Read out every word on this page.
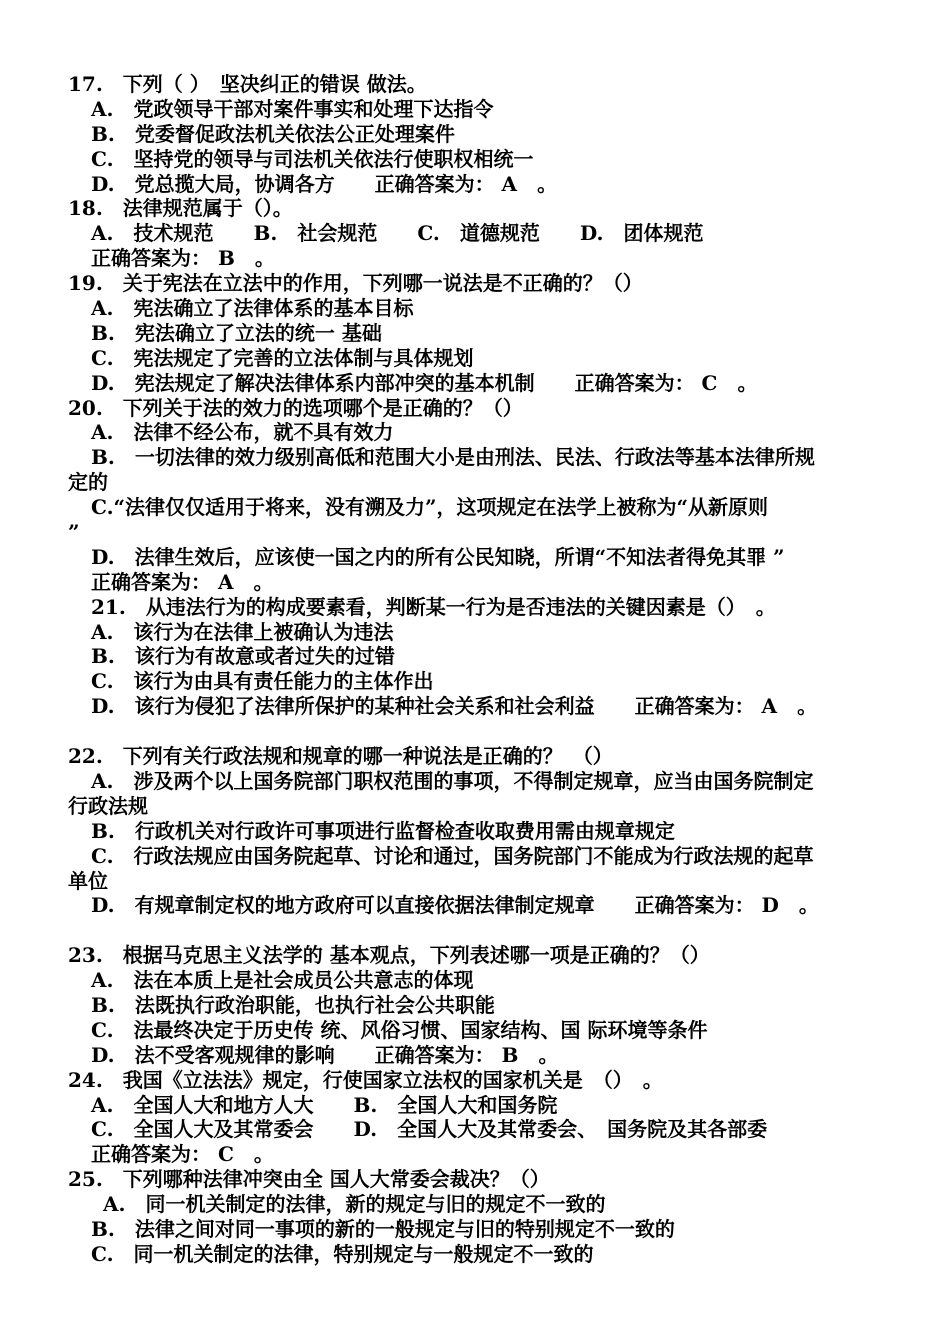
17.　下列（ ）　坚决纠正的错误 做法。
A.　党政领导干部对案件事实和处理下达指令
B.　党委督促政法机关依法公正处理案件
C.　坚持党的领导与司法机关依法行使职权相统一
D.　党总揽大局，协调各方　　正确答案为： A　。
18.　法律规范属于（）。
A.　技术规范　　B.　社会规范　　C.　道德规范　　D.　团体规范
正确答案为： B　。
19.　关于宪法在立法中的作用，下列哪一说法是不正确的？（）
A.　宪法确立了法律体系的基本目标
B.　宪法确立了立法的统一 基础
C.　宪法规定了完善的立法体制与具体规划
D.　宪法规定了解决法律体系内部冲突的基本机制　　正确答案为： C　。
20.　下列关于法的效力的选项哪个是正确的？（）
A.　法律不经公布，就不具有效力
B.　一切法律的效力级别高低和范围大小是由刑法、民法、行政法等基本法律所规
定的
C.“法律仅仅适用于将来，没有溯及力”，这项规定在法学上被称为“从新原则
”
D.　法律生效后，应该使一国之内的所有公民知晓，所谓“不知法者得免其罪 ”
正确答案为： A　。
21.　从违法行为的构成要素看，判断某一行为是否违法的关键因素是（）　。
A.　该行为在法律上被确认为违法
B.　该行为有故意或者过失的过错
C.　该行为由具有责任能力的主体作出
D.　该行为侵犯了法律所保护的某种社会关系和社会利益　　正确答案为： A　。
22.　下列有关行政法规和规章的哪一种说法是正确的？　（）
A.　涉及两个以上国务院部门职权范围的事项，不得制定规章，应当由国务院制定
行政法规
B.　行政机关对行政许可事项进行监督检查收取费用需由规章规定
C.　行政法规应由国务院起草、讨论和通过，国务院部门不能成为行政法规的起草
单位
D.　有规章制定权的地方政府可以直接依据法律制定规章　　正确答案为： D　。
23.　根据马克思主义法学的 基本观点，下列表述哪一项是正确的？（）
A.　法在本质上是社会成员公共意志的体现
B.　法既执行政治职能，也执行社会公共职能
C.　法最终决定于历史传 统、风俗习惯、国家结构、国 际环境等条件
D.　法不受客观规律的影响　　正确答案为： B　。
24.　我国《立法法》规定，行使国家立法权的国家机关是　（）　。
A.　全国人大和地方人大　　B.　全国人大和国务院
C.　全国人大及其常委会　　D.　全国人大及其常委会、　国务院及其各部委
正确答案为： C　。
25.　下列哪种法律冲突由全 国人大常委会裁决？（）
A.　同一机关制定的法律，新的规定与旧的规定不一致的
B.　法律之间对同一事项的新的一般规定与旧的特别规定不一致的
C.　同一机关制定的法律，特别规定与一般规定不一致的
